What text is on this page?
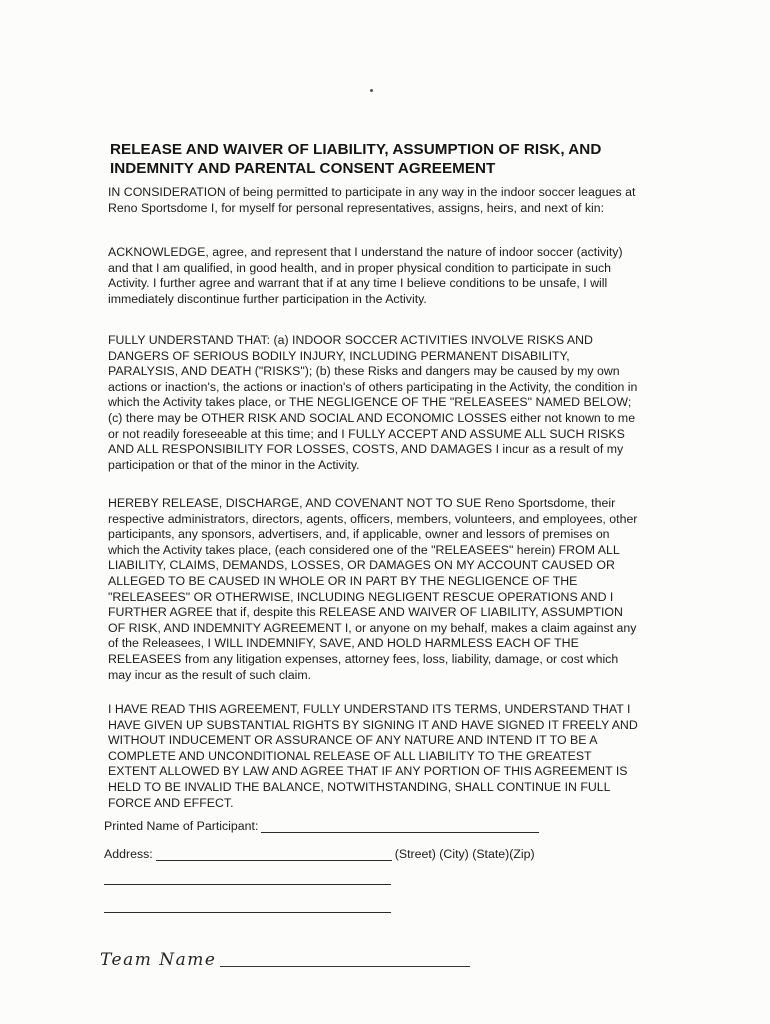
RELEASE AND WAIVER OF LIABILITY, ASSUMPTION OF RISK, AND INDEMNITY AND PARENTAL CONSENT AGREEMENT

IN CONSIDERATION of being permitted to participate in any way in the indoor soccer leagues at Reno Sportsdome I, for myself for personal representatives, assigns, heirs, and next of kin:

ACKNOWLEDGE, agree, and represent that I understand the nature of indoor soccer (activity) and that I am qualified, in good health, and in proper physical condition to participate in such Activity. I further agree and warrant that if at any time I believe conditions to be unsafe, I will immediately discontinue further participation in the Activity.

FULLY UNDERSTAND THAT: (a) INDOOR SOCCER ACTIVITIES INVOLVE RISKS AND DANGERS OF SERIOUS BODILY INJURY, INCLUDING PERMANENT DISABILITY, PARALYSIS, AND DEATH ("RISKS"); (b) these Risks and dangers may be caused by my own actions or inaction's, the actions or inaction's of others participating in the Activity, the condition in which the Activity takes place, or THE NEGLIGENCE OF THE "RELEASEES" NAMED BELOW; (c) there may be OTHER RISK AND SOCIAL AND ECONOMIC LOSSES either not known to me or not readily foreseeable at this time; and I FULLY ACCEPT AND ASSUME ALL SUCH RISKS AND ALL RESPONSIBILITY FOR LOSSES, COSTS, AND DAMAGES I incur as a result of my participation or that of the minor in the Activity.

HEREBY RELEASE, DISCHARGE, AND COVENANT NOT TO SUE Reno Sportsdome, their respective administrators, directors, agents, officers, members, volunteers, and employees, other participants, any sponsors, advertisers, and, if applicable, owner and lessors of premises on which the Activity takes place, (each considered one of the "RELEASEES" herein) FROM ALL LIABILITY, CLAIMS, DEMANDS, LOSSES, OR DAMAGES ON MY ACCOUNT CAUSED OR ALLEGED TO BE CAUSED IN WHOLE OR IN PART BY THE NEGLIGENCE OF THE "RELEASEES" OR OTHERWISE, INCLUDING NEGLIGENT RESCUE OPERATIONS AND I FURTHER AGREE that if, despite this RELEASE AND WAIVER OF LIABILITY, ASSUMPTION OF RISK, AND INDEMNITY AGREEMENT I, or anyone on my behalf, makes a claim against any of the Releasees, I WILL INDEMNIFY, SAVE, AND HOLD HARMLESS EACH OF THE RELEASEES from any litigation expenses, attorney fees, loss, liability, damage, or cost which may incur as the result of such claim.

I HAVE READ THIS AGREEMENT, FULLY UNDERSTAND ITS TERMS, UNDERSTAND THAT I HAVE GIVEN UP SUBSTANTIAL RIGHTS BY SIGNING IT AND HAVE SIGNED IT FREELY AND WITHOUT INDUCEMENT OR ASSURANCE OF ANY NATURE AND INTEND IT TO BE A COMPLETE AND UNCONDITIONAL RELEASE OF ALL LIABILITY TO THE GREATEST EXTENT ALLOWED BY LAW AND AGREE THAT IF ANY PORTION OF THIS AGREEMENT IS HELD TO BE INVALID THE BALANCE, NOTWITHSTANDING, SHALL CONTINUE IN FULL FORCE AND EFFECT.

Printed Name of Participant:
Address:	(Street) (City) (State)(Zip)
Team Name
